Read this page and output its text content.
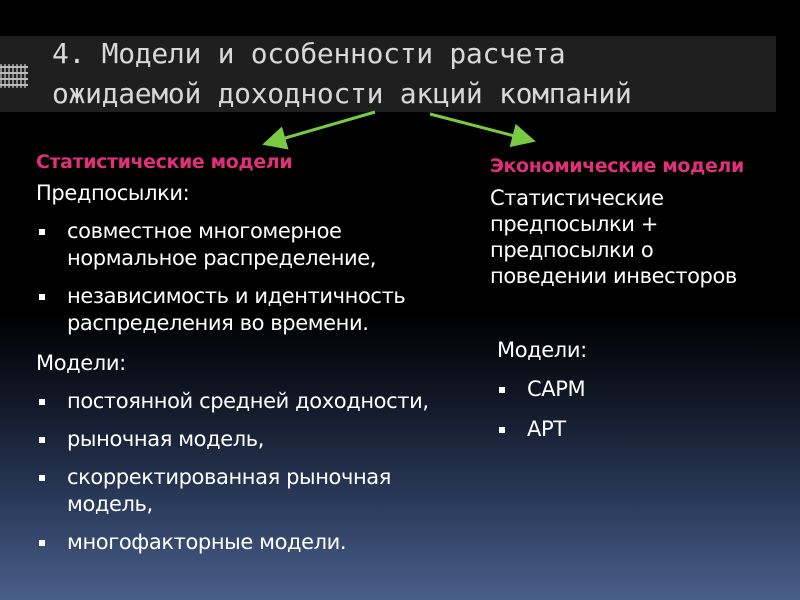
4. Модели и особенности расчета
ожидаемой доходности акций компаний
Статистические модели
Предпосылки:
совместное многомерное нормальное распределение,
независимость и идентичность распределения во времени.
Модели:
постоянной средней доходности,
рыночная модель,
скорректированная рыночная модель,
многофакторные модели.
Экономические модели
Статистические
предпосылки +
предпосылки о
поведении инвесторов
Модели:
CAPM
APT
